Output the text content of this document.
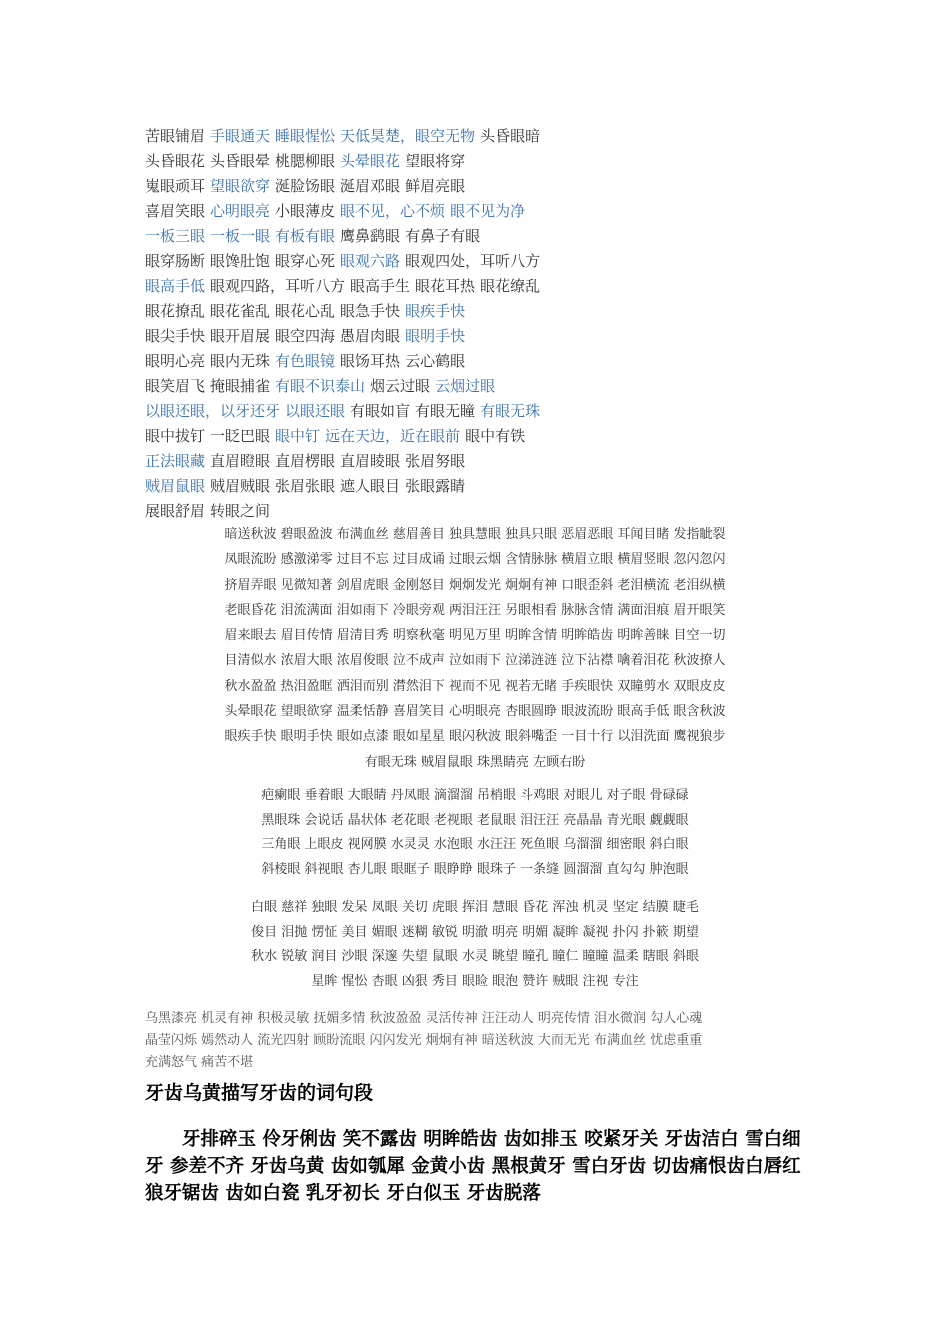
苦眼铺眉 手眼通天 睡眼惺忪 天低昊楚，眼空无物 头昏眼暗
头昏眼花 头昏眼晕 桃腮柳眼 头晕眼花 望眼将穿
嵬眼顽耳 望眼欲穿 涎脸饧眼 涎眉邓眼 鲜眉亮眼
喜眉笑眼 心明眼亮 小眼薄皮 眼不见，心不烦 眼不见为净
一板三眼 一板一眼 有板有眼 鹰鼻鹞眼 有鼻子有眼
眼穿肠断 眼馋肚饱 眼穿心死 眼观六路 眼观四处，耳听八方
眼高手低 眼观四路，耳听八方 眼高手生 眼花耳热 眼花缭乱
眼花撩乱 眼花雀乱 眼花心乱 眼急手快 眼疾手快
眼尖手快 眼开眉展 眼空四海 愚眉肉眼 眼明手快
眼明心亮 眼内无珠 有色眼镜 眼饧耳热 云心鹤眼
眼笑眉飞 掩眼捕雀 有眼不识泰山 烟云过眼 云烟过眼
以眼还眼，以牙还牙 以眼还眼 有眼如盲 有眼无瞳 有眼无珠
眼中拔钉 一眨巴眼 眼中钉 远在天边，近在眼前 眼中有铁
正法眼藏 直眉瞪眼 直眉楞眼 直眉睖眼 张眉努眼
贼眉鼠眼 贼眉贼眼 张眉张眼 遮人眼目 张眼露睛
展眼舒眉 转眼之间
暗送秋波 碧眼盈波 布满血丝 慈眉善目 独具慧眼 独具只眼 恶眉恶眼 耳闻目睹 发指眦裂
凤眼流盼 感激涕零 过目不忘 过目成诵 过眼云烟 含情脉脉 横眉立眼 横眉竖眼 忽闪忽闪
挤眉弄眼 见微知著 剑眉虎眼 金刚怒目 炯炯发光 炯炯有神 口眼歪斜 老泪横流 老泪纵横
老眼昏花 泪流满面 泪如雨下 冷眼旁观 两泪汪汪 另眼相看 脉脉含情 满面泪痕 眉开眼笑
眉来眼去 眉目传情 眉清目秀 明察秋毫 明见万里 明眸含情 明眸皓齿 明眸善睐 目空一切
目清似水 浓眉大眼 浓眉俊眼 泣不成声 泣如雨下 泣涕涟涟 泣下沾襟 噙着泪花 秋波撩人
秋水盈盈 热泪盈眶 洒泪而别 潸然泪下 视而不见 视若无睹 手疾眼快 双瞳剪水 双眼皮皮
头晕眼花 望眼欲穿 温柔恬静 喜眉笑目 心明眼亮 杏眼圆睁 眼波流盼 眼高手低 眼含秋波
眼疾手快 眼明手快 眼如点漆 眼如星星 眼闪秋波 眼斜嘴歪 一目十行 以泪洗面 鹰视狼步
有眼无珠 贼眉鼠眼 珠黑睛亮 左顾右盼
疤瘌眼 垂着眼 大眼睛 丹凤眼 滴溜溜 吊梢眼 斗鸡眼 对眼儿 对子眼 骨碌碌
黑眼珠 会说话 晶状体 老花眼 老视眼 老鼠眼 泪汪汪 亮晶晶 青光眼 觑觑眼
三角眼 上眼皮 视网膜 水灵灵 水泡眼 水汪汪 死鱼眼 乌溜溜 细密眼 斜白眼
斜棱眼 斜视眼 杏儿眼 眼眶子 眼睁睁 眼珠子 一条缝 圆溜溜 直勾勾 肿泡眼
白眼 慈祥 独眼 发呆 凤眼 关切 虎眼 挥泪 慧眼 昏花 浑浊 机灵 坚定 结膜 睫毛
俊目 泪抛 愣怔 美目 媚眼 迷糊 敏锐 明澈 明亮 明媚 凝眸 凝视 扑闪 扑簌 期望
秋水 锐敏 润目 沙眼 深邃 失望 鼠眼 水灵 眺望 瞳孔 瞳仁 瞳瞳 温柔 瞎眼 斜眼
星眸 惺忪 杏眼 凶狠 秀目 眼睑 眼泡 赞许 贼眼 注视 专注
乌黑漆亮 机灵有神 积极灵敏 抚媚多情 秋波盈盈 灵活传神 汪汪动人 明亮传情 泪水微润 勾人心魂
晶莹闪烁 嫣然动人 流光四射 顾盼流眼 闪闪发光 炯炯有神 暗送秋波 大而无光 布满血丝 忧虑重重
充满怒气 痛苦不堪
牙齿乌黄描写牙齿的词句段

牙排碎玉 伶牙俐齿 笑不露齿 明眸皓齿 齿如排玉 咬紧牙关 牙齿洁白 雪白细牙 参差不齐 牙齿乌黄 齿如瓠犀 金黄小齿 黑根黄牙 雪白牙齿 切齿痛恨齿白唇红 狼牙锯齿 齿如白瓷 乳牙初长 牙白似玉 牙齿脱落
